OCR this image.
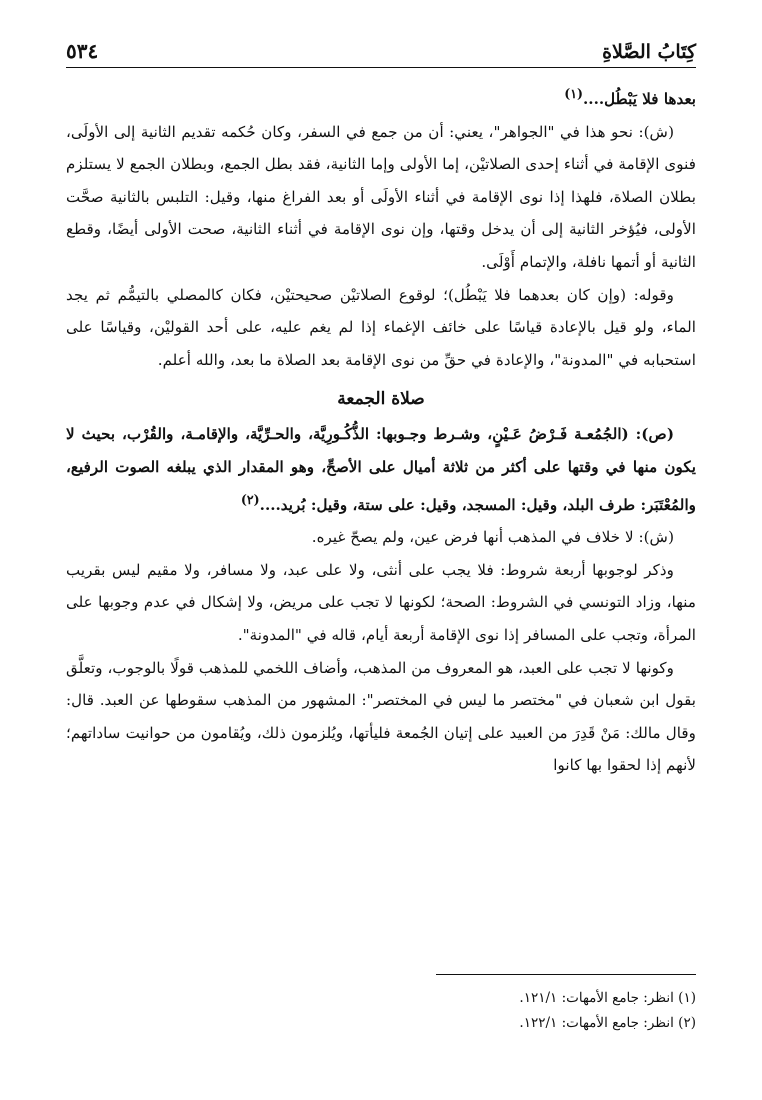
كِتَابُ الصَّلاةِ
٥٣٤

بعدها فلا يَبْطُل....$^{(١)}$

(ش): نحو هذا في "الجواهر"، يعني: أن من جمع في السفر، وكان حُكمه تقديم الثانية إلى الأولَى، فنوى الإقامة في أثناء إحدى الصلاتيْن، إما الأولى وإما الثانية، فقد بطل الجمع، وبطلان الجمع لا يستلزم بطلان الصلاة، فلهذا إذا نوى الإقامة في أثناء الأولَى أو بعد الفراغ منها، وقيل: التلبس بالثانية صحَّت الأولى، فيُؤخر الثانية إلى أن يدخل وقتها، وإن نوى الإقامة في أثناء الثانية، صحت الأولى أيضًا، وقطع الثانية أو أتمها نافلة، والإتمام أَوْلَى.

وقوله: (وإن كان بعدهما فلا يَبْطُل)؛ لوقوع الصلاتيْن صحيحتيْن، فكان كالمصلي بالتيمُّم ثم يجد الماء، ولو قيل بالإعادة قياسًا على خائف الإغماء إذا لم يغم عليه، على أحد القوليْن، وقياسًا على استحبابه في "المدونة"، والإعادة في حقِّ من نوى الإقامة بعد الصلاة ما بعد، والله أعلم.

صلاة الجمعة

(ص): (الجُمُعـة فَـرْضُ عَـيْنٍ، وشـرط وجـوبها: الذُّكُـورِيَّة، والحـرِّيَّة، والإقامـة، والقُرْب، بحيث لا يكون منها في وقتها على أكثر من ثلاثة أميال على الأصحِّ، وهو المقدار الذي يبلغه الصوت الرفيع، والمُعْتَبَر: طرف البلد، وقيل: المسجد، وقيل: على ستة، وقيل: بُريد....$^{(٢)}$

(ش): لا خلاف في المذهب أنها فرض عين، ولم يصحّ غيره.

وذكر لوجوبها أربعة شروط: فلا يجب على أنثى، ولا على عبد، ولا مسافر، ولا مقيم ليس بقريب منها، وزاد التونسي في الشروط: الصحة؛ لكونها لا تجب على مريض، ولا إشكال في عدم وجوبها على المرأة، وتجب على المسافر إذا نوى الإقامة أربعة أيام، قاله في "المدونة".

وكونها لا تجب على العبد، هو المعروف من المذهب، وأضاف اللخمي للمذهب قولًا بالوجوب، وتعلَّق بقول ابن شعبان في "مختصر ما ليس في المختصر": المشهور من المذهب سقوطها عن العبد. قال: وقال مالك: مَنْ قَدِرَ من العبيد على إتيان الجُمعة فليأتها، ويُلزمون ذلك، ويُقامون من حوانيت ساداتهم؛ لأنهم إذا لحقوا بها كانوا

(١) انظر: جامع الأمهات: ١٢١/١.

(٢) انظر: جامع الأمهات: ١٢٢/١.
